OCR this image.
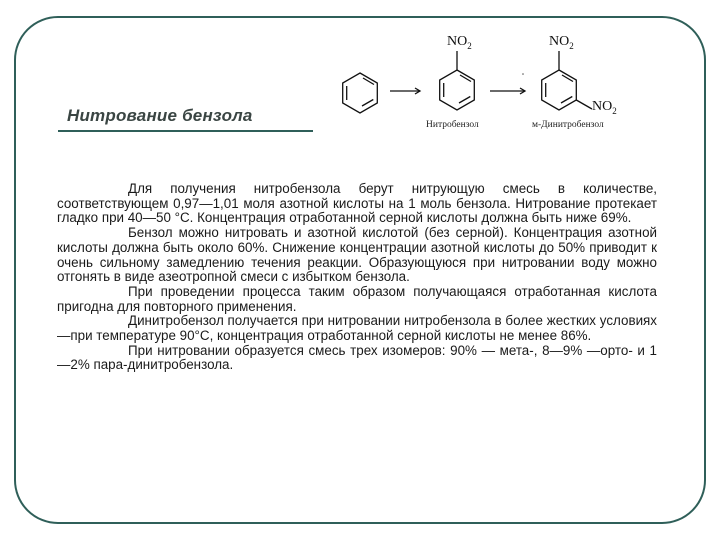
Нитрование бензола
$NO_2$	$NO_2$
$NO_2$
Нитробензол	м-Динитробензол

Для получения нитробензола берут нитрующую смесь в количестве, соответствующем 0,97—1,01 моля азотной кислоты на 1 моль бензола. Нитрование протекает гладко при 40—50 °С. Концентрация отработанной серной кислоты должна быть ниже 69%.

Бензол можно нитровать и азотной кислотой (без серной). Концентрация азотной кислоты должна быть около 60%. Снижение концентрации азотной кислоты до 50% приводит к очень сильному замедлению течения реакции. Образующуюся при нитровании воду можно отгонять в виде азеотропной смеси с избытком бензола.

При проведении процесса таким образом получающаяся отработанная кислота пригодна для повторного применения.

Динитробензол получается при нитровании нитробензола в более жестких условиях—при температуре 90°С, концентрация отработанной серной кислоты не менее 86%.

При нитровании образуется смесь трех изомеров: 90% — мета-, 8—9% —орто- и 1—2% пара-динитробензола.
